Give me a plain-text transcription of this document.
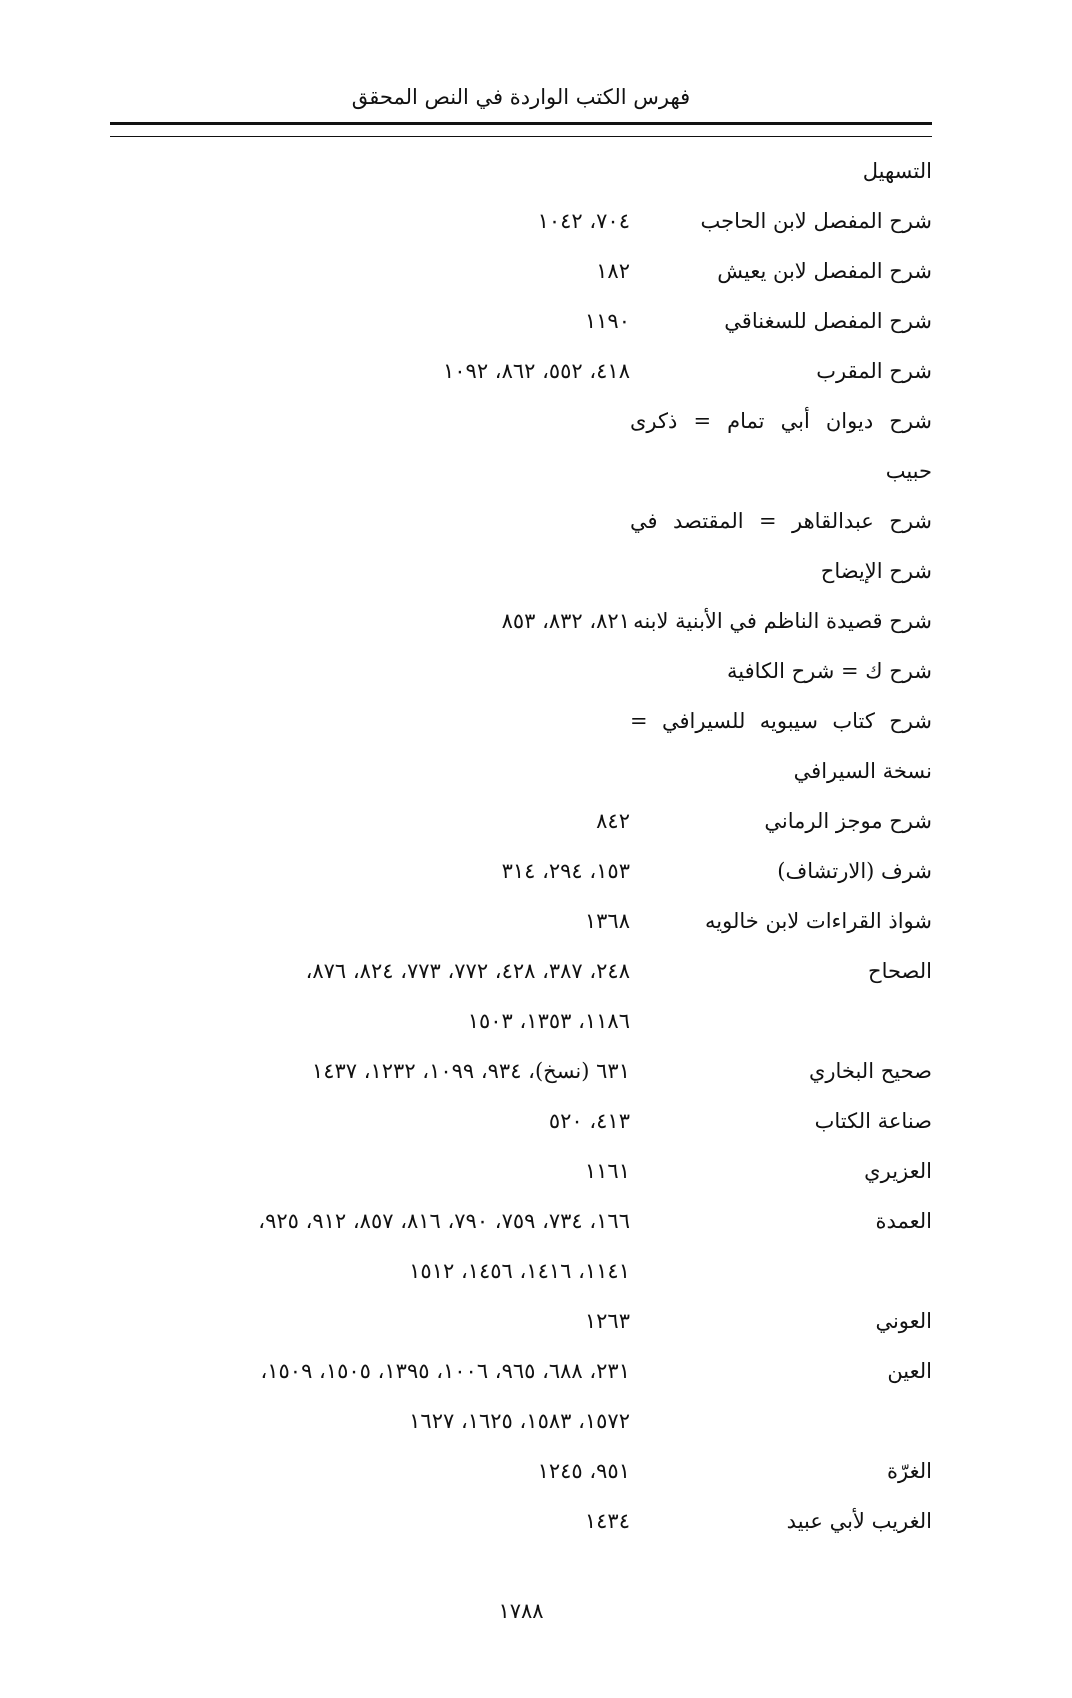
فهرس الكتب الواردة في النص المحقق
التسهيل
شرح المفصل لابن الحاجب
٧٠٤، ١٠٤٢
شرح المفصل لابن يعيش
١٨٢
شرح المفصل للسغناقي
١١٩٠
شرح المقرب
٤١٨، ٥٥٢، ٨٦٢، ١٠٩٢
شرح ديوان أبي تمام = ذكرى
حبيب
شرح عبدالقاهر = المقتصد في
شرح الإيضاح
شرح قصيدة الناظم في الأبنية لابنه
٨٢١، ٨٣٢، ٨٥٣
شرح ك = شرح الكافية
شرح كتاب سيبويه للسيرافي =
نسخة السيرافي
شرح موجز الرماني
٨٤٢
شرف (الارتشاف)
١٥٣، ٢٩٤، ٣١٤
شواذ القراءات لابن خالويه
١٣٦٨
الصحاح
٢٤٨، ٣٨٧، ٤٢٨، ٧٧٢، ٧٧٣، ٨٢٤، ٨٧٦،
١١٨٦، ١٣٥٣، ١٥٠٣
صحيح البخاري
٦٣١ (نسخ)، ٩٣٤، ١٠٩٩، ١٢٣٢، ١٤٣٧
صناعة الكتاب
٤١٣، ٥٢٠
العزيري
١١٦١
العمدة
١٦٦، ٧٣٤، ٧٥٩، ٧٩٠، ٨١٦، ٨٥٧، ٩١٢، ٩٢٥،
١١٤١، ١٤١٦، ١٤٥٦، ١٥١٢
العوني
١٢٦٣
العين
٢٣١، ٦٨٨، ٩٦٥، ١٠٠٦، ١٣٩٥، ١٥٠٥، ١٥٠٩،
١٥٧٢، ١٥٨٣، ١٦٢٥، ١٦٢٧
الغرّة
٩٥١، ١٢٤٥
الغريب لأبي عبيد
١٤٣٤
١٧٨٨
